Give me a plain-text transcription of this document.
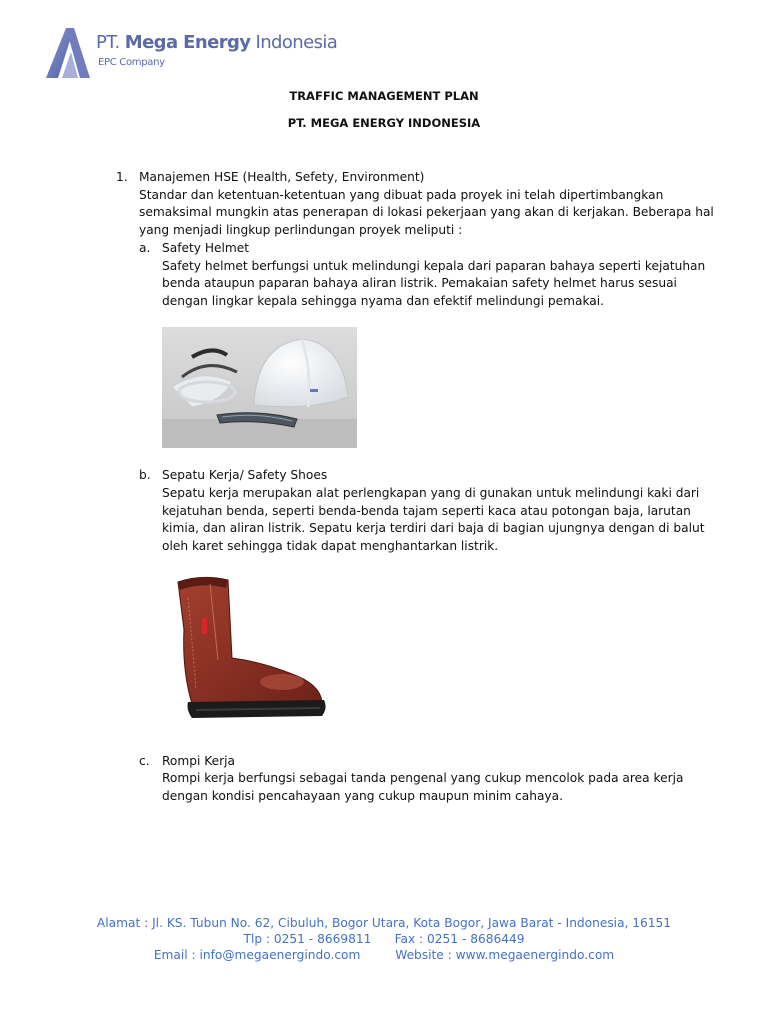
PT. Mega Energy Indonesia
EPC Company
TRAFFIC MANAGEMENT PLAN
PT. MEGA ENERGY INDONESIA
1. Manajemen HSE (Health, Sefety, Environment)
Standar dan ketentuan-ketentuan yang dibuat pada proyek ini telah dipertimbangkan
semaksimal mungkin atas penerapan di lokasi pekerjaan yang akan di kerjakan. Beberapa hal
yang menjadi lingkup perlindungan proyek meliputi :
a. Safety Helmet
Safety helmet berfungsi untuk melindungi kepala dari paparan bahaya seperti kejatuhan
benda ataupun paparan bahaya aliran listrik. Pemakaian safety helmet harus sesuai
dengan lingkar kepala sehingga nyama dan efektif melindungi pemakai.
b. Sepatu Kerja/ Safety Shoes
Sepatu kerja merupakan alat perlengkapan yang di gunakan untuk melindungi kaki dari
kejatuhan benda, seperti benda-benda tajam seperti kaca atau potongan baja, larutan
kimia, dan aliran listrik. Sepatu kerja terdiri dari baja di bagian ujungnya dengan di balut
oleh karet sehingga tidak dapat menghantarkan listrik.
c. Rompi Kerja
Rompi kerja berfungsi sebagai tanda pengenal yang cukup mencolok pada area kerja
dengan kondisi pencahayaan yang cukup maupun minim cahaya.
Alamat : Jl. KS. Tubun No. 62, Cibuluh, Bogor Utara, Kota Bogor, Jawa Barat - Indonesia, 16151
Tlp : 0251 - 8669811      Fax : 0251 - 8686449
Email : info@megaenergindo.com         Website : www.megaenergindo.com
